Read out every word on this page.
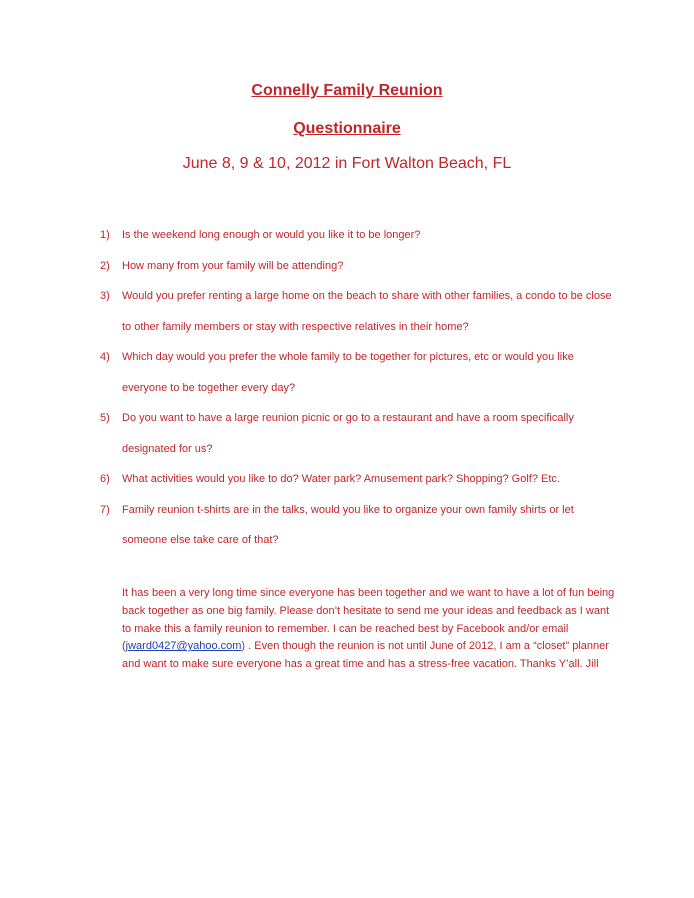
Connelly Family Reunion
Questionnaire
June 8, 9 & 10, 2012 in Fort Walton Beach, FL
1) Is the weekend long enough or would you like it to be longer?
2) How many from your family will be attending?
3) Would you prefer renting a large home on the beach to share with other families, a condo to be close to other family members or stay with respective relatives in their home?
4) Which day would you prefer the whole family to be together for pictures, etc or would you like everyone to be together every day?
5) Do you want to have a large reunion picnic or go to a restaurant and have a room specifically designated for us?
6) What activities would you like to do? Water park? Amusement park? Shopping? Golf? Etc.
7) Family reunion t-shirts are in the talks, would you like to organize your own family shirts or let someone else take care of that?

It has been a very long time since everyone has been together and we want to have a lot of fun being back together as one big family. Please don’t hesitate to send me your ideas and feedback as I want to make this a family reunion to remember. I can be reached best by Facebook and/or email (jward0427@yahoo.com) . Even though the reunion is not until June of 2012, I am a “closet” planner and want to make sure everyone has a great time and has a stress-free vacation. Thanks Y’all. Jill
